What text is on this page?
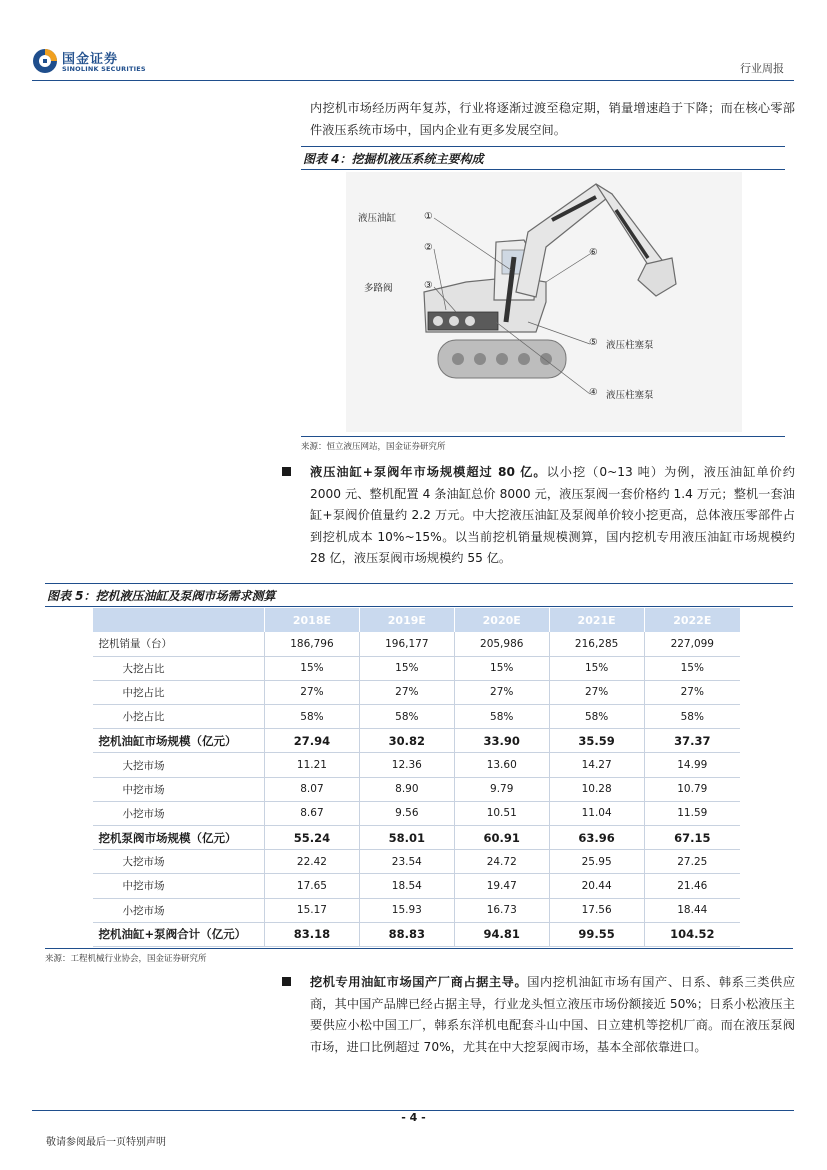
国金证券
SINOLINK SECURITIES	行业周报

内挖机市场经历两年复苏，行业将逐渐过渡至稳定期，销量增速趋于下降；而在核心零部件液压系统市场中，国内企业有更多发展空间。

图表 4：挖掘机液压系统主要构成
液压油缸	①
②
多路阀	③
⑥
⑤ 液压柱塞泵
④ 液压柱塞泵
来源：恒立液压网站，国金证券研究所

液压油缸+泵阀年市场规模超过 80 亿。以小挖（0~13 吨）为例，液压油缸单价约 2000 元、整机配置 4 条油缸总价 8000 元，液压泵阀一套价格约 1.4 万元；整机一套油缸+泵阀价值量约 2.2 万元。中大挖液压油缸及泵阀单价较小挖更高，总体液压零部件占到挖机成本 10%~15%。以当前挖机销量规模测算，国内挖机专用液压油缸市场规模约 28 亿，液压泵阀市场规模约 55 亿。

图表 5：挖机液压油缸及泵阀市场需求测算
	2018E	2019E	2020E	2021E	2022E
挖机销量（台）	186,796	196,177	205,986	216,285	227,099
大挖占比	15%	15%	15%	15%	15%
中挖占比	27%	27%	27%	27%	27%
小挖占比	58%	58%	58%	58%	58%
挖机油缸市场规模（亿元）	27.94	30.82	33.90	35.59	37.37
大挖市场	11.21	12.36	13.60	14.27	14.99
中挖市场	8.07	8.90	9.79	10.28	10.79
小挖市场	8.67	9.56	10.51	11.04	11.59
挖机泵阀市场规模（亿元）	55.24	58.01	60.91	63.96	67.15
大挖市场	22.42	23.54	24.72	25.95	27.25
中挖市场	17.65	18.54	19.47	20.44	21.46
小挖市场	15.17	15.93	16.73	17.56	18.44
挖机油缸+泵阀合计（亿元）	83.18	88.83	94.81	99.55	104.52
来源：工程机械行业协会，国金证券研究所

挖机专用油缸市场国产厂商占据主导。国内挖机油缸市场有国产、日系、韩系三类供应商，其中国产品牌已经占据主导，行业龙头恒立液压市场份额接近 50%；日系小松液压主要供应小松中国工厂，韩系东洋机电配套斗山中国、日立建机等挖机厂商。而在液压泵阀市场，进口比例超过 70%，尤其在中大挖泵阀市场，基本全部依靠进口。

- 4 -
敬请参阅最后一页特别声明
